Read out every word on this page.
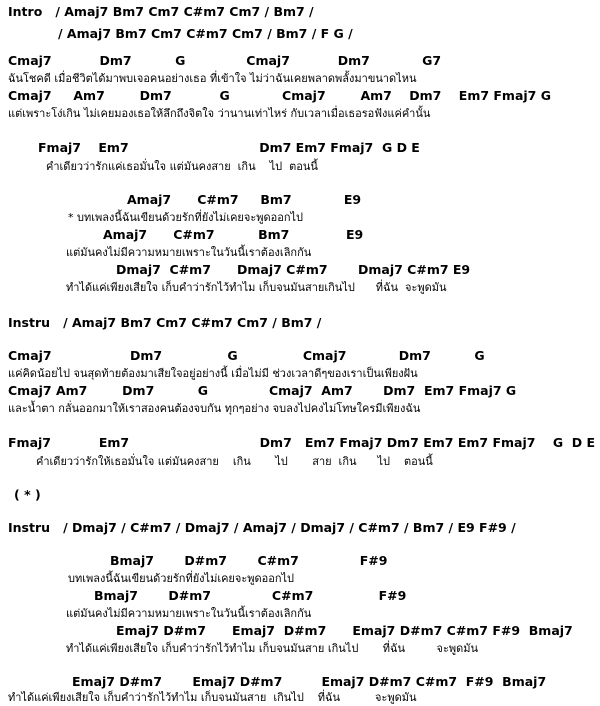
Intro   / Amaj7 Bm7 Cm7 C#m7 Cm7 / Bm7 /
/ Amaj7 Bm7 Cm7 C#m7 Cm7 / Bm7 / F G /
Cmaj7           Dm7          G              Cmaj7           Dm7            G7
ฉันโชคดี เมื่อชีวิตได้มาพบเจอคนอย่างเธอ ที่เข้าใจ ไม่ว่าฉันเคยพลาดพลั้งมาขนาดไหน
Cmaj7     Am7        Dm7           G            Cmaj7        Am7    Dm7    Em7 Fmaj7 G
แต่เพราะโง่เกิน ไม่เคยมองเธอให้ลึกถึงจิตใจ ว่านานเท่าไหร่ กับเวลาเมื่อเธอรอฟังแค่คำนั้น
Fmaj7    Em7                              Dm7 Em7 Fmaj7  G D E
คำเดียวว่ารักแค่เธอมั่นใจ แต่มันคงสาย  เกิน    ไป  ตอนนี้
Amaj7      C#m7     Bm7            E9
* บทเพลงนี้ฉันเขียนด้วยรักที่ยังไม่เคยจะพูดออกไป
Amaj7      C#m7          Bm7             E9
แต่มันคงไม่มีความหมายเพราะในวันนี้เราต้องเลิกกัน
Dmaj7  C#m7      Dmaj7 C#m7       Dmaj7 C#m7 E9
ทำได้แค่เพียงเสียใจ เก็บคำว่ารักไว้ทำไม เก็บจนมันสายเกินไป      ที่ฉัน  จะพูดมัน
Instru   / Amaj7 Bm7 Cm7 C#m7 Cm7 / Bm7 /
Cmaj7                  Dm7               G               Cmaj7            Dm7          G
แค่คิดน้อยไป จนสุดท้ายต้องมาเสียใจอยู่อย่างนี้ เมื่อไม่มี ช่วงเวลาดีๆของเราเป็นเพียงฝัน
Cmaj7 Am7        Dm7          G              Cmaj7  Am7       Dm7  Em7 Fmaj7 G
และน้ำตา กลั่นออกมาให้เราสองคนต้องจบกัน ทุกๆอย่าง จบลงไปคงไม่โทษใครมีเพียงฉัน
Fmaj7           Em7                              Dm7   Em7 Fmaj7 Dm7 Em7 Em7 Fmaj7    G  D E
คำเดียวว่ารักให้เธอมั่นใจ แต่มันคงสาย    เกิน       ไป       สาย  เกิน      ไป    ตอนนี้
( * )
Instru   / Dmaj7 / C#m7 / Dmaj7 / Amaj7 / Dmaj7 / C#m7 / Bm7 / E9 F#9 /
Bmaj7       D#m7       C#m7              F#9
บทเพลงนี้ฉันเขียนด้วยรักที่ยังไม่เคยจะพูดออกไป
Bmaj7       D#m7              C#m7               F#9
แต่มันคงไม่มีความหมายเพราะในวันนี้เราต้องเลิกกัน
Emaj7 D#m7      Emaj7  D#m7      Emaj7 D#m7 C#m7 F#9  Bmaj7
ทำได้แค่เพียงเสียใจ เก็บคำว่ารักไว้ทำไม เก็บจนมันสาย เกินไป       ที่ฉัน         จะพูดมัน
Emaj7 D#m7       Emaj7 D#m7         Emaj7 D#m7 C#m7  F#9  Bmaj7
ทำได้แค่เพียงเสียใจ เก็บคำว่ารักไว้ทำไม เก็บจนมันสาย  เกินไป    ที่ฉัน          จะพูดมัน
